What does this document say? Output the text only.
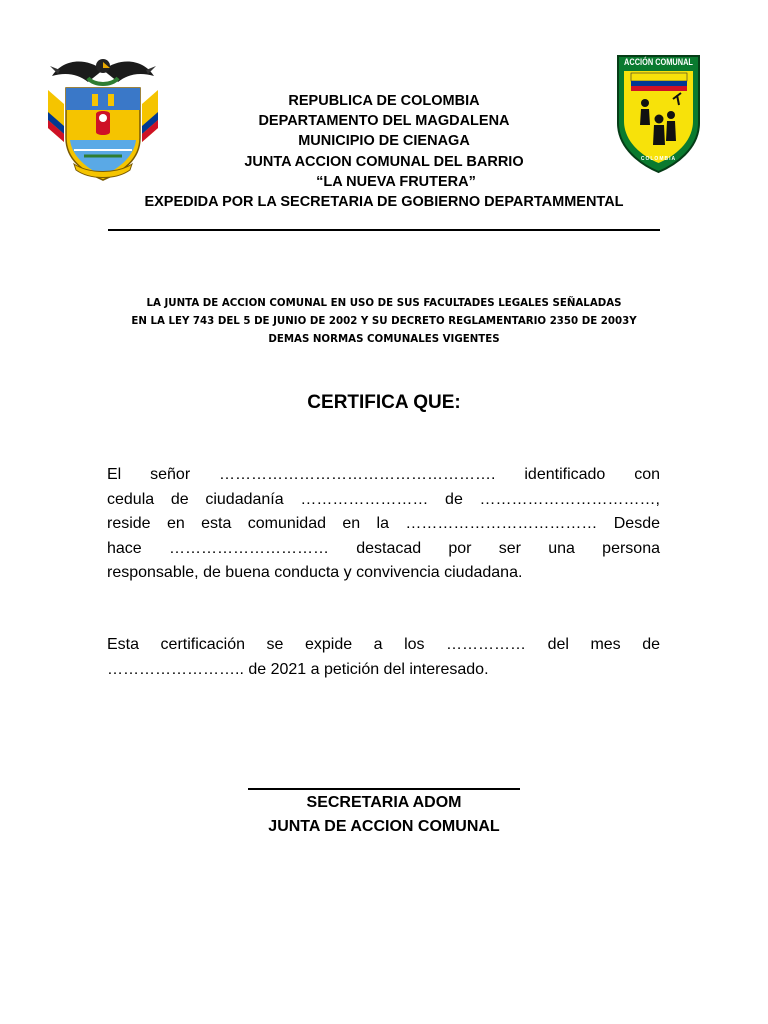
ACCIÓN COMUNAL
COLOMBIA
REPUBLICA DE COLOMBIA
DEPARTAMENTO DEL MAGDALENA
MUNICIPIO DE CIENAGA
JUNTA ACCION COMUNAL DEL BARRIO
“LA NUEVA FRUTERA”
EXPEDIDA POR LA SECRETARIA DE GOBIERNO DEPARTAMMENTAL
LA JUNTA DE ACCION COMUNAL EN USO DE SUS FACULTADES LEGALES SEÑALADAS
EN LA LEY 743 DEL 5 DE JUNIO DE 2002 Y SU DECRETO REGLAMENTARIO 2350 DE 2003Y
DEMAS NORMAS COMUNALES VIGENTES
CERTIFICA QUE:
El señor ……………………………………………. identificado con
cedula de ciudadanía …………………… de ……………………………,
reside en esta comunidad en la ……………………………… Desde
hace ………………………… destacad por ser una persona
responsable, de buena conducta y convivencia ciudadana.
Esta certificación se expide a los …………… del mes de
…………………….. de 2021 a petición del interesado.
SECRETARIA ADOM
JUNTA DE ACCION COMUNAL
